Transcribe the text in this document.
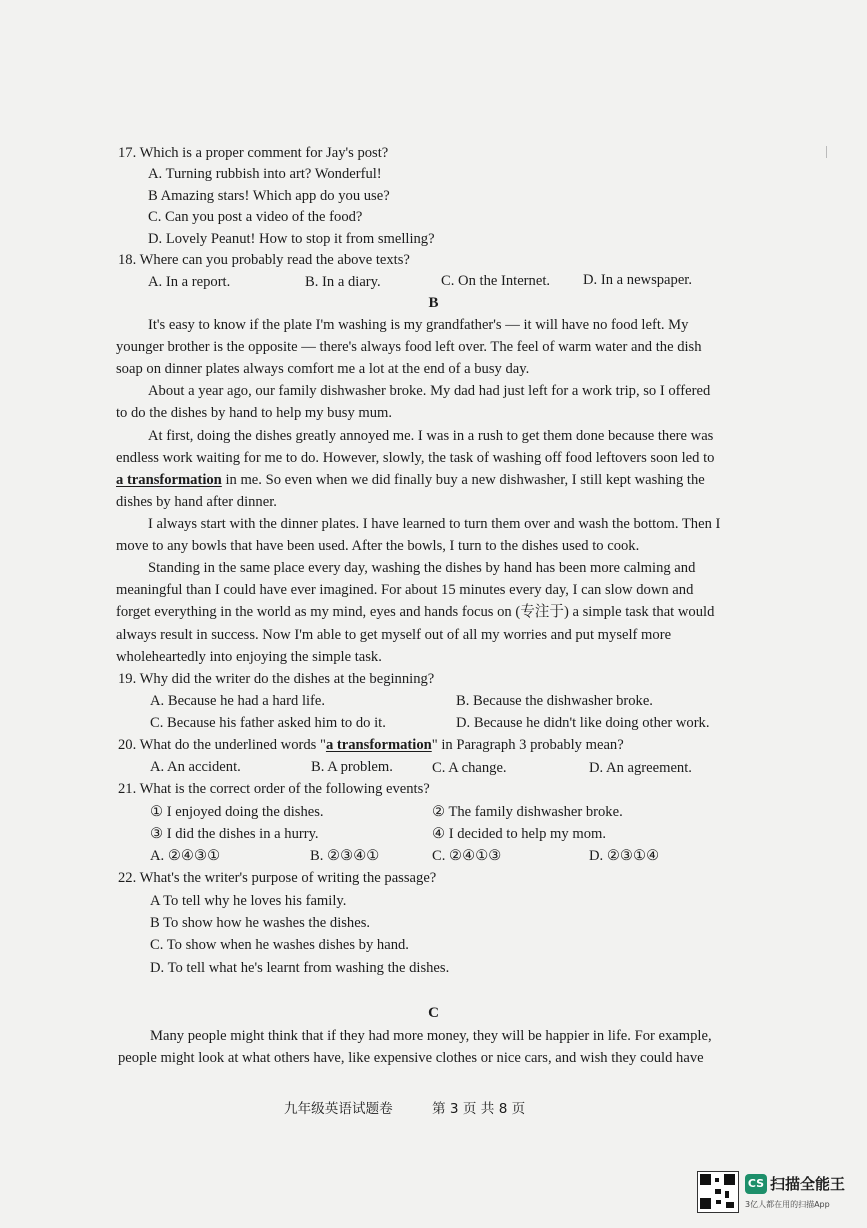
17. Which is a proper comment for Jay's post?
A. Turning rubbish into art? Wonderful!
B Amazing stars! Which app do you use?
C. Can you post a video of the food?
D. Lovely Peanut! How to stop it from smelling?
18. Where can you probably read the above texts?
A. In a report.	B. In a diary.	C. On the Internet. D. In a newspaper.
B
It's easy to know if the plate I'm washing is my grandfather's — it will have no food left. My
younger brother is the opposite — there's always food left over. The feel of warm water and the dish
soap on dinner plates always comfort me a lot at the end of a busy day.
About a year ago, our family dishwasher broke. My dad had just left for a work trip, so I offered
to do the dishes by hand to help my busy mum.
At first, doing the dishes greatly annoyed me. I was in a rush to get them done because there was
endless work waiting for me to do. However, slowly, the task of washing off food leftovers soon led to
a transformation in me. So even when we did finally buy a new dishwasher, I still kept washing the
dishes by hand after dinner.
I always start with the dinner plates. I have learned to turn them over and wash the bottom. Then I
move to any bowls that have been used. After the bowls, I turn to the dishes used to cook.
Standing in the same place every day, washing the dishes by hand has been more calming and
meaningful than I could have ever imagined. For about 15 minutes every day, I can slow down and
forget everything in the world as my mind, eyes and hands focus on (专注于) a simple task that would
always result in success. Now I'm able to get myself out of all my worries and put myself more
wholeheartedly into enjoying the simple task.
19. Why did the writer do the dishes at the beginning?
A. Because he had a hard life.	B. Because the dishwasher broke.
C. Because his father asked him to do it.	D. Because he didn't like doing other work.
20. What do the underlined words "a transformation" in Paragraph 3 probably mean?
A. An accident.	B. A problem.	C. A change.	D. An agreement.
21. What is the correct order of the following events?
① I enjoyed doing the dishes.	② The family dishwasher broke.
③ I did the dishes in a hurry.	④ I decided to help my mom.
A. ②④③①	B. ②③④①	C. ②④①③	D. ②③①④
22. What's the writer's purpose of writing the passage?
A To tell why he loves his family.
B To show how he washes the dishes.
C. To show when he washes dishes by hand.
D. To tell what he's learnt from washing the dishes.
C
Many people might think that if they had more money, they will be happier in life. For example,
people might look at what others have, like expensive clothes or nice cars, and wish they could have
九年级英语试题卷	第 3 页 共 8 页
CS 扫描全能王
3亿人都在用的扫描App
